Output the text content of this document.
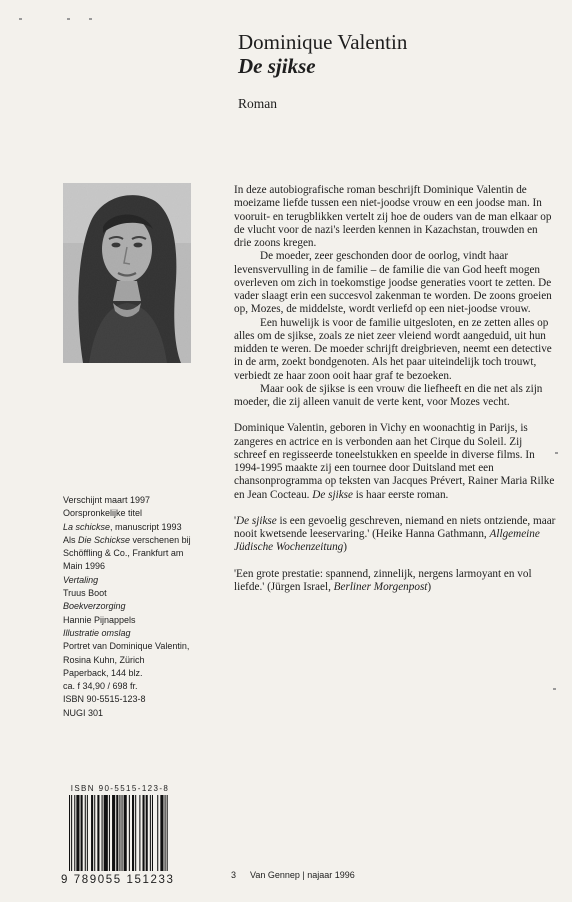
Dominique Valentin
De sjikse
Roman

In deze autobiografische roman beschrijft Dominique Valentin de moeizame liefde tussen een niet-joodse vrouw en een joodse man. In vooruit- en terugblikken vertelt zij hoe de ouders van de man elkaar op de vlucht voor de nazi's leerden kennen in Kazachstan, trouwden en drie zoons kregen.

De moeder, zeer geschonden door de oorlog, vindt haar levensvervulling in de familie – de familie die van God heeft mogen overleven om zich in toekomstige joodse generaties voort te zetten. De vader slaagt erin een succesvol zakenman te worden. De zoons groeien op, Mozes, de middelste, wordt verliefd op een niet-joodse vrouw.

Een huwelijk is voor de familie uitgesloten, en ze zetten alles op alles om de sjikse, zoals ze niet zeer vleiend wordt aangeduid, uit hun midden te weren. De moeder schrijft dreigbrieven, neemt een detective in de arm, zoekt bondgenoten. Als het paar uiteindelijk toch trouwt, verbiedt ze haar zoon ooit haar graf te bezoeken.

Maar ook de sjikse is een vrouw die liefheeft en die net als zijn moeder, die zij alleen vanuit de verte kent, voor Mozes vecht.

Dominique Valentin, geboren in Vichy en woonachtig in Parijs, is zangeres en actrice en is verbonden aan het Cirque du Soleil. Zij schreef en regisseerde toneelstukken en speelde in diverse films. In 1994-1995 maakte zij een tournee door Duitsland met een chansonprogramma op teksten van Jacques Prévert, Rainer Maria Rilke en Jean Cocteau. De sjikse is haar eerste roman.

'De sjikse is een gevoelig geschreven, niemand en niets ontziende, maar nooit kwetsende leeservaring.' (Heike Hanna Gathmann, Allgemeine Jüdische Wochenzeitung)

'Een grote prestatie: spannend, zinnelijk, nergens larmoyant en vol liefde.' (Jürgen Israel, Berliner Morgenpost)

Verschijnt maart 1997
Oorspronkelijke titel
La schickse, manuscript 1993
Als Die Schickse verschenen bij
Schöffling & Co., Frankfurt am
Main 1996
Vertaling
Truus Boot
Boekverzorging
Hannie Pijnappels
Illustratie omslag
Portret van Dominique Valentin,
Rosina Kuhn, Zürich
Paperback, 144 blz.
ca. f 34,90 / 698 fr.
ISBN 90-5515-123-8
NUGI 301
ISBN 90-5515-123-8
9 789055 151233	3 Van Gennep | najaar 1996
